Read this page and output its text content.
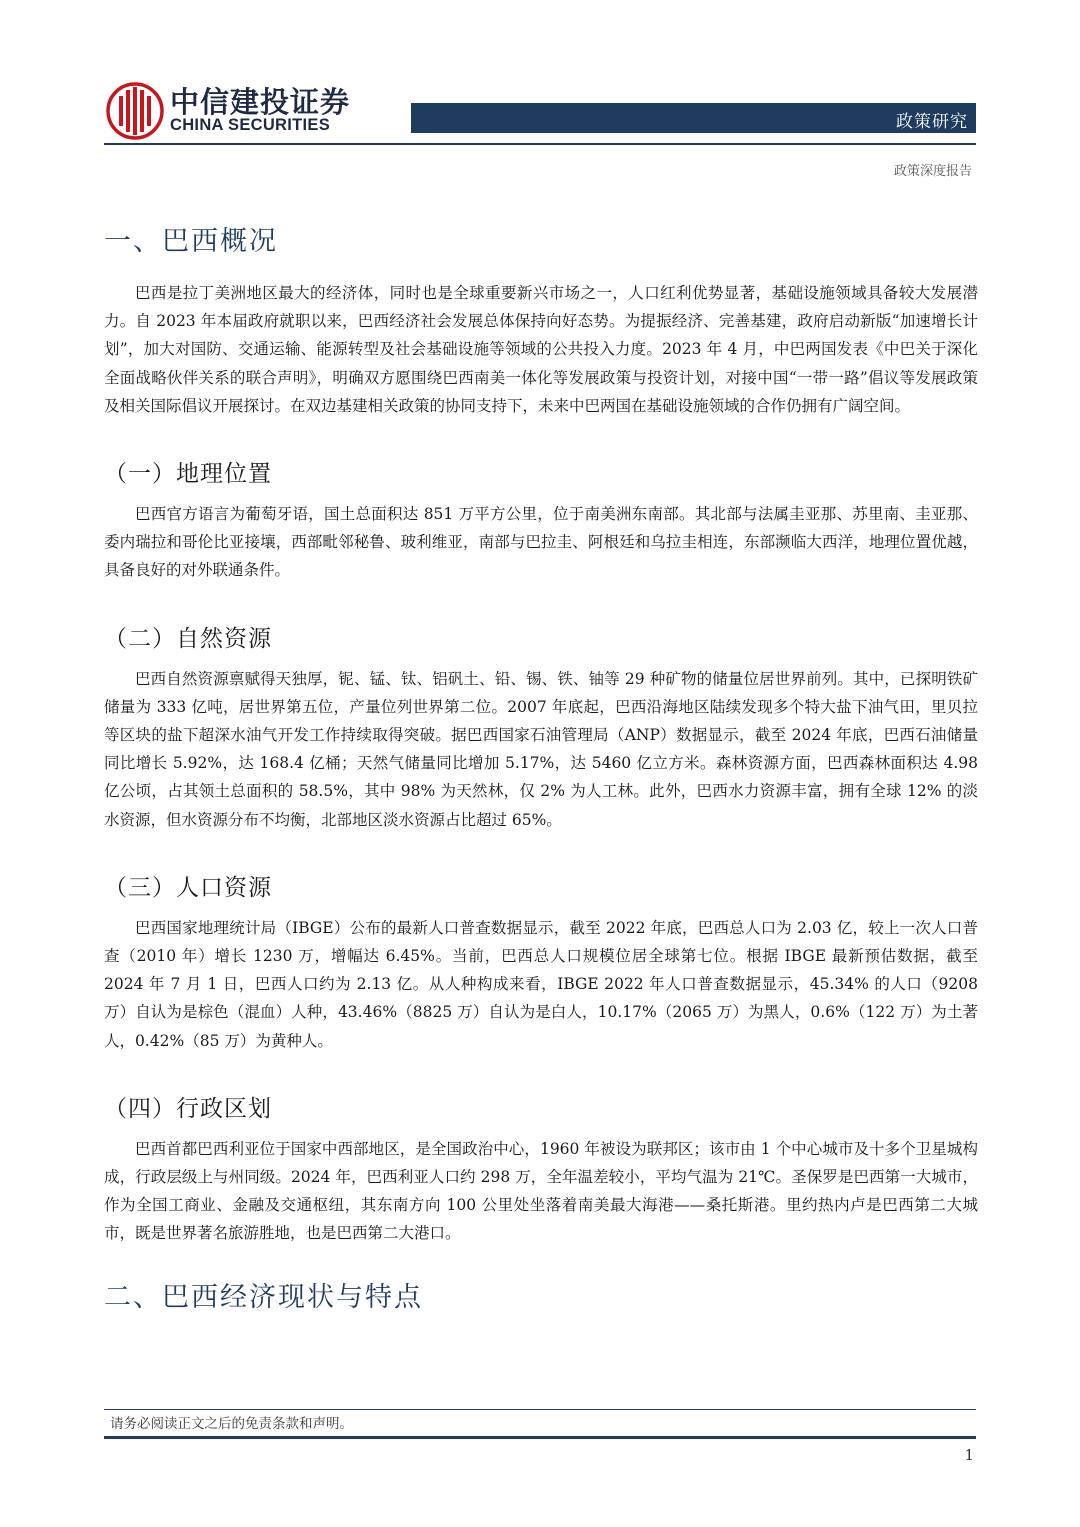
中信建投证券
CHINA SECURITIES	政策研究
政策深度报告
一、巴西概况

巴西是拉丁美洲地区最大的经济体，同时也是全球重要新兴市场之一，人口红利优势显著，基础设施领域具备较大发展潜力。自 2023 年本届政府就职以来，巴西经济社会发展总体保持向好态势。为提振经济、完善基建，政府启动新版“加速增长计划”，加大对国防、交通运输、能源转型及社会基础设施等领域的公共投入力度。2023 年 4 月，中巴两国发表《中巴关于深化全面战略伙伴关系的联合声明》，明确双方愿围绕巴西南美一体化等发展政策与投资计划，对接中国“一带一路”倡议等发展政策及相关国际倡议开展探讨。在双边基建相关政策的协同支持下，未来中巴两国在基础设施领域的合作仍拥有广阔空间。

（一）地理位置

巴西官方语言为葡萄牙语，国土总面积达 851 万平方公里，位于南美洲东南部。其北部与法属圭亚那、苏里南、圭亚那、委内瑞拉和哥伦比亚接壤，西部毗邻秘鲁、玻利维亚，南部与巴拉圭、阿根廷和乌拉圭相连，东部濒临大西洋，地理位置优越，具备良好的对外联通条件。

（二）自然资源

巴西自然资源禀赋得天独厚，铌、锰、钛、铝矾土、铅、锡、铁、铀等 29 种矿物的储量位居世界前列。其中，已探明铁矿储量为 333 亿吨，居世界第五位，产量位列世界第二位。2007 年底起，巴西沿海地区陆续发现多个特大盐下油气田，里贝拉等区块的盐下超深水油气开发工作持续取得突破。据巴西国家石油管理局（ANP）数据显示，截至 2024 年底，巴西石油储量同比增长 5.92%，达 168.4 亿桶；天然气储量同比增加 5.17%，达 5460 亿立方米。森林资源方面，巴西森林面积达 4.98 亿公顷，占其领土总面积的 58.5%，其中 98% 为天然林，仅 2% 为人工林。此外，巴西水力资源丰富，拥有全球 12% 的淡水资源，但水资源分布不均衡，北部地区淡水资源占比超过 65%。

（三）人口资源

巴西国家地理统计局（IBGE）公布的最新人口普查数据显示，截至 2022 年底，巴西总人口为 2.03 亿，较上一次人口普查（2010 年）增长 1230 万，增幅达 6.45%。当前，巴西总人口规模位居全球第七位。根据 IBGE 最新预估数据，截至 2024 年 7 月 1 日，巴西人口约为 2.13 亿。从人种构成来看，IBGE 2022 年人口普查数据显示，45.34% 的人口（9208 万）自认为是棕色（混血）人种，43.46%（8825 万）自认为是白人，10.17%（2065 万）为黑人，0.6%（122 万）为土著人，0.42%（85 万）为黄种人。

（四）行政区划

巴西首都巴西利亚位于国家中西部地区，是全国政治中心，1960 年被设为联邦区；该市由 1 个中心城市及十多个卫星城构成，行政层级上与州同级。2024 年，巴西利亚人口约 298 万，全年温差较小，平均气温为 21℃。圣保罗是巴西第一大城市，作为全国工商业、金融及交通枢纽，其东南方向 100 公里处坐落着南美最大海港——桑托斯港。里约热内卢是巴西第二大城市，既是世界著名旅游胜地，也是巴西第二大港口。

二、巴西经济现状与特点
请务必阅读正文之后的免责条款和声明。
1
